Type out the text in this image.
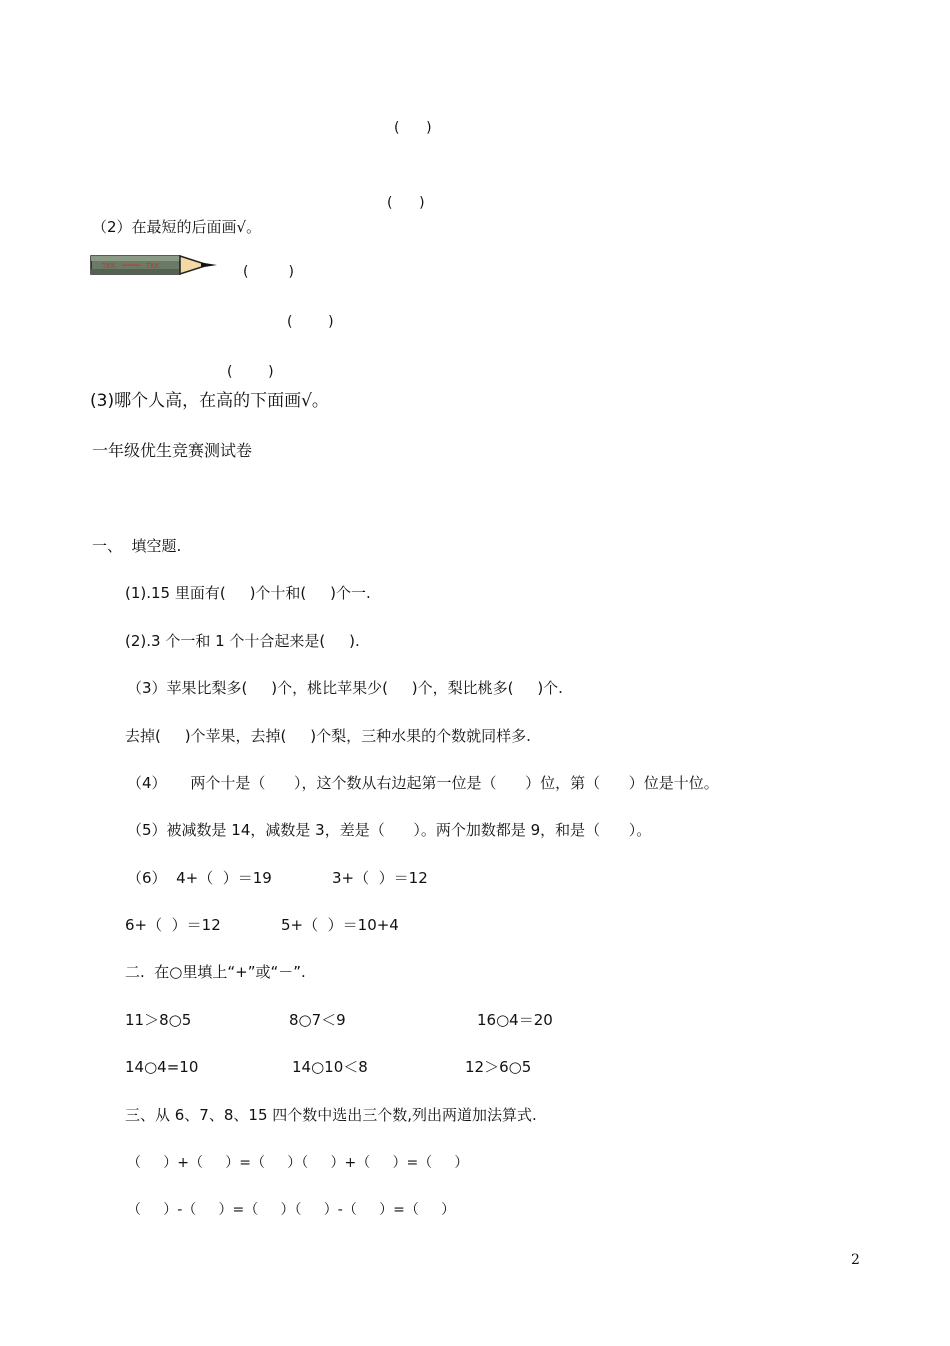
(      )
(      )
（2）在最短的后面画√。
TKK	TKK	(         )
(        )
(        )
(3)哪个人高，在高的下面画√。
一年级优生竞赛测试卷
一、  填空题.
(1).15 里面有(     )个十和(     )个一.
(2).3 个一和 1 个十合起来是(     ).
（3）苹果比梨多(     )个，桃比苹果少(     )个，梨比桃多(     )个.
去掉(     )个苹果，去掉(     )个梨，三种水果的个数就同样多.
（4）     两个十是（      ），这个数从右边起第一位是（      ）位，第（      ）位是十位。
（5）被减数是 14，减数是 3，差是（      ）。两个加数都是 9，和是（      ）。
（6）  4+（  ）＝19	3+（  ）＝12
6+（  ）＝12	5+（  ）＝10+4
二.  在○里填上“+”或“－”.
11＞8○5	8○7＜9	16○4＝20
14○4=10	14○10＜8	12＞6○5
三、从 6、7、8、15 四个数中选出三个数,列出两道加法算式.
（     ）+（     ）=（     ）（     ）+（     ）=（     ）
（     ）-（     ）=（     ）（     ）-（     ）=（     ）
2
